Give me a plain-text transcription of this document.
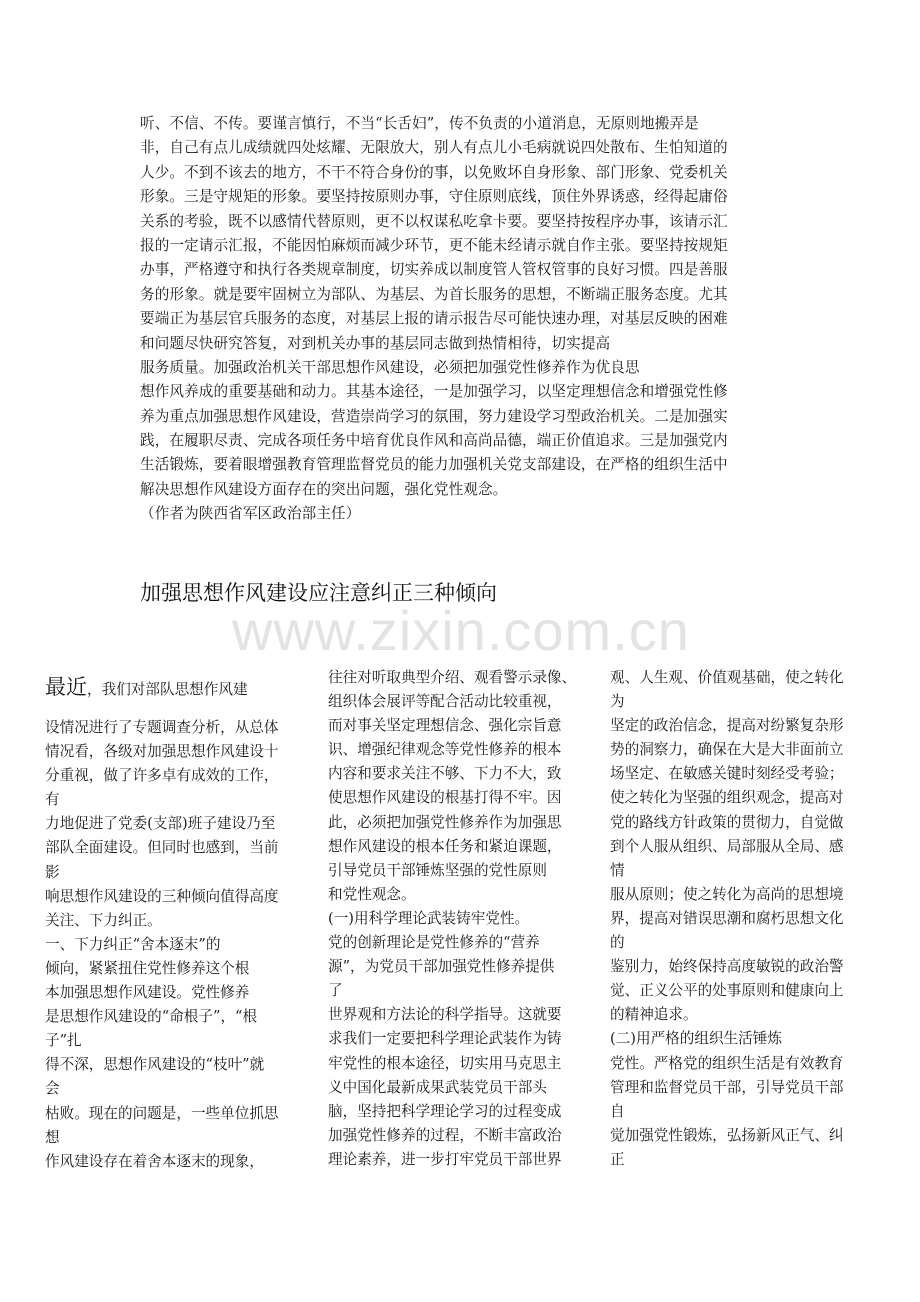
听、不信、不传。要谨言慎行，不当“长舌妇”，传不负责的小道消息，无原则地搬弄是
非，自己有点儿成绩就四处炫耀、无限放大，别人有点儿小毛病就说四处散布、生怕知道的
人少。不到不该去的地方，不干不符合身份的事，以免败坏自身形象、部门形象、党委机关
形象。三是守规矩的形象。要坚持按原则办事，守住原则底线，顶住外界诱惑，经得起庸俗
关系的考验，既不以感情代替原则，更不以权谋私吃拿卡要。要坚持按程序办事，该请示汇
报的一定请示汇报，不能因怕麻烦而减少环节，更不能未经请示就自作主张。要坚持按规矩
办事，严格遵守和执行各类规章制度，切实养成以制度管人管权管事的良好习惯。四是善服
务的形象。就是要牢固树立为部队、为基层、为首长服务的思想，不断端正服务态度。尤其
要端正为基层官兵服务的态度，对基层上报的请示报告尽可能快速办理，对基层反映的困难
和问题尽快研究答复，对到机关办事的基层同志做到热情相待，切实提高
服务质量。加强政治机关干部思想作风建设，必须把加强党性修养作为优良思
想作风养成的重要基础和动力。其基本途径，一是加强学习，以坚定理想信念和增强党性修
养为重点加强思想作风建设，营造崇尚学习的氛围，努力建设学习型政治机关。二是加强实
践，在履职尽责、完成各项任务中培育优良作风和高尚品德，端正价值追求。三是加强党内
生活锻炼，要着眼增强教育管理监督党员的能力加强机关党支部建设，在严格的组织生活中
解决思想作风建设方面存在的突出问题，强化党性观念。
（作者为陕西省军区政治部主任）
www.zixin.com.cn
加强思想作风建设应注意纠正三种倾向
最近，我们对部队思想作风建
设情况进行了专题调查分析，从总体
情况看，各级对加强思想作风建设十
分重视，做了许多卓有成效的工作，
有
力地促进了党委(支部)班子建设乃至
部队全面建设。但同时也感到，当前
影
响思想作风建设的三种倾向值得高度
关注、下力纠正。
一、下力纠正“舍本逐末”的
倾向，紧紧扭住党性修养这个根
本加强思想作风建设。党性修养
是思想作风建设的“命根子”，“根
子”扎
得不深，思想作风建设的“枝叶”就
会
枯败。现在的问题是，一些单位抓思
想
作风建设存在着舍本逐末的现象，
往往对听取典型介绍、观看警示录像、
组织体会展评等配合活动比较重视，
而对事关坚定理想信念、强化宗旨意
识、增强纪律观念等党性修养的根本
内容和要求关注不够、下力不大，致
使思想作风建设的根基打得不牢。因
此，必须把加强党性修养作为加强思
想作风建设的根本任务和紧迫课题，
引导党员干部锤炼坚强的党性原则
和党性观念。
(一)用科学理论武装铸牢党性。
党的创新理论是党性修养的“营养
源”，为党员干部加强党性修养提供
了
世界观和方法论的科学指导。这就要
求我们一定要把科学理论武装作为铸
牢党性的根本途径，切实用马克思主
义中国化最新成果武装党员干部头
脑，坚持把科学理论学习的过程变成
加强党性修养的过程，不断丰富政治
理论素养，进一步打牢党员干部世界
观、人生观、价值观基础，使之转化
为
坚定的政治信念，提高对纷繁复杂形
势的洞察力，确保在大是大非面前立
场坚定、在敏感关键时刻经受考验；
使之转化为坚强的组织观念，提高对
党的路线方针政策的贯彻力，自觉做
到个人服从组织、局部服从全局、感
情
服从原则；使之转化为高尚的思想境
界，提高对错误思潮和腐朽思想文化
的
鉴别力，始终保持高度敏锐的政治警
觉、正义公平的处事原则和健康向上
的精神追求。
(二)用严格的组织生活锤炼
党性。严格党的组织生活是有效教育
管理和监督党员干部，引导党员干部
自
觉加强党性锻炼，弘扬新风正气、纠
正
